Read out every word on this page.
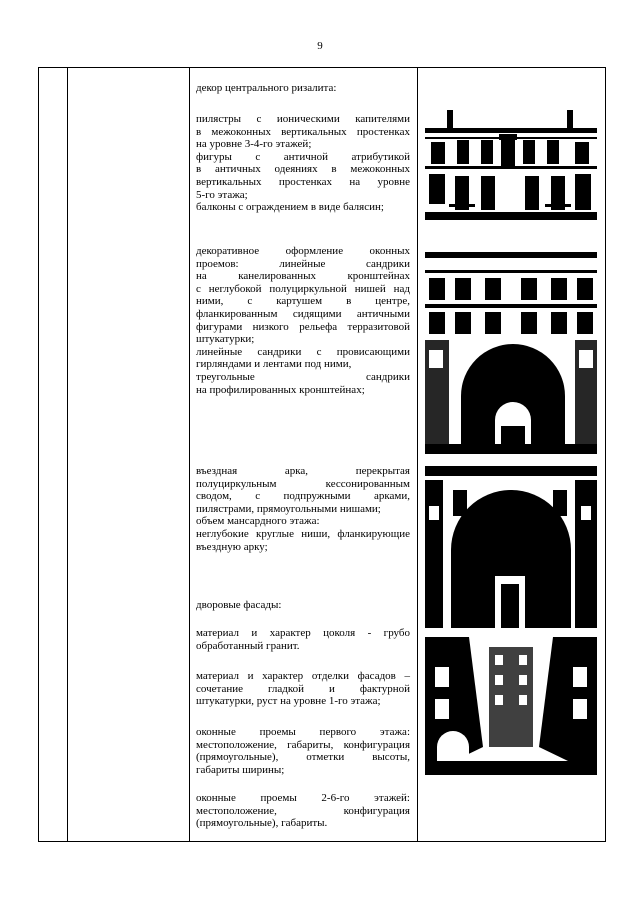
9
декор центрального ризалита:
пилястры с ионическими капителями
в межоконных вертикальных простенках
на уровне 3-4-го этажей;
фигуры с античной атрибутикой
в античных одеяниях в межоконных
вертикальных простенках на уровне
5-го этажа;
балконы с ограждением в виде балясин;
декоративное оформление оконных
проемов: линейные сандрики
на канелированных кронштейнах
с неглубокой полуциркульной нишей над
ними, с картушем в центре,
фланкированным сидящими античными
фигурами низкого рельефа терразитовой
штукатурки;
линейные сандрики с провисающими
гирляндами и лентами под ними,
треугольные сандрики
на профилированных кронштейнах;
въездная арка, перекрытая
полуциркульным кессонированным
сводом, с подпружными арками,
пилястрами, прямоугольными нишами;
объем мансардного этажа:
неглубокие круглые ниши, фланкирующие
въездную арку;
дворовые фасады:
материал и характер цоколя - грубо
обработанный гранит.
материал и характер отделки фасадов –
сочетание гладкой и фактурной
штукатурки, руст на уровне 1-го этажа;
оконные проемы первого этажа:
местоположение, габариты, конфигурация
(прямоугольные), отметки высоты,
габариты ширины;
оконные проемы 2-6-го этажей:
местоположение, конфигурация
(прямоугольные), габариты.
